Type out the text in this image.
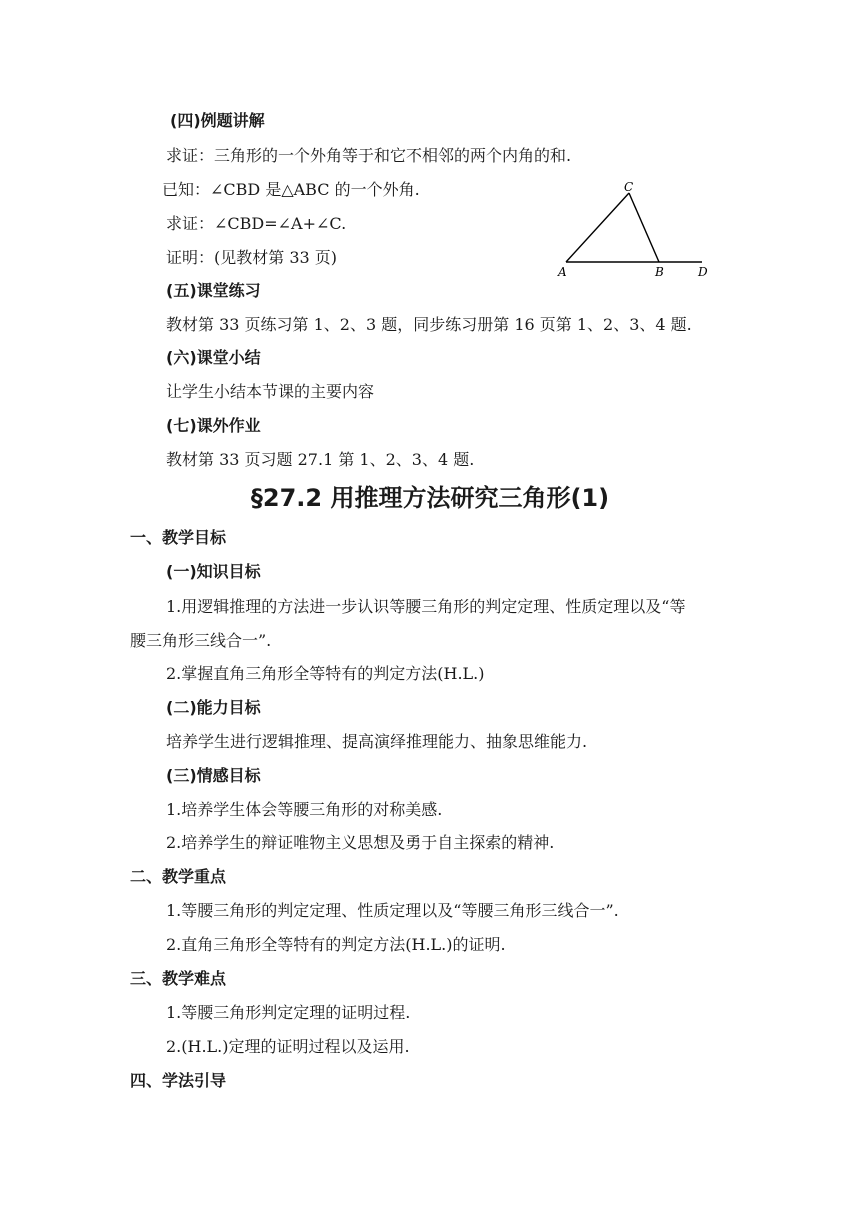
(四)例题讲解
求证：三角形的一个外角等于和它不相邻的两个内角的和.
已知：∠CBD 是△ABC 的一个外角.
求证：∠CBD=∠A+∠C.
证明：(见教材第 33 页)
C
A	B	D
(五)课堂练习
教材第 33 页练习第 1、2、3 题，同步练习册第 16 页第 1、2、3、4 题.
(六)课堂小结
让学生小结本节课的主要内容
(七)课外作业
教材第 33 页习题 27.1 第 1、2、3、4 题.
§27.2 用推理方法研究三角形(1)
一、教学目标
(一)知识目标
1.用逻辑推理的方法进一步认识等腰三角形的判定定理、性质定理以及“等
腰三角形三线合一”.
2.掌握直角三角形全等特有的判定方法(H.L.)
(二)能力目标
培养学生进行逻辑推理、提高演绎推理能力、抽象思维能力.
(三)情感目标
1.培养学生体会等腰三角形的对称美感.
2.培养学生的辩证唯物主义思想及勇于自主探索的精神.
二、教学重点
1.等腰三角形的判定定理、性质定理以及“等腰三角形三线合一”.
2.直角三角形全等特有的判定方法(H.L.)的证明.
三、教学难点
1.等腰三角形判定定理的证明过程.
2.(H.L.)定理的证明过程以及运用.
四、学法引导
